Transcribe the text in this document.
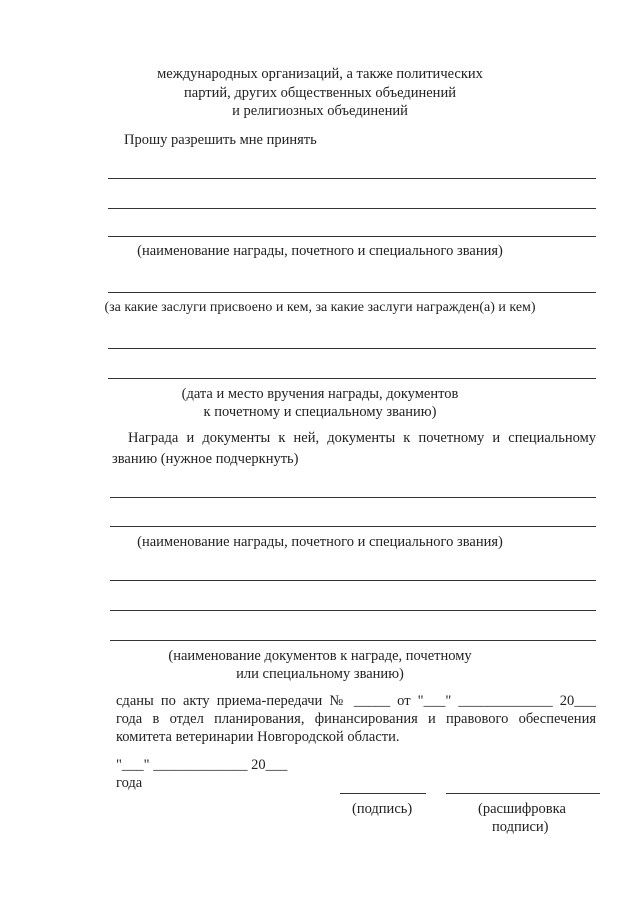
международных организаций, а также политических
партий, других общественных объединений
и религиозных объединений
Прошу разрешить мне принять
(наименование награды, почетного и специального звания)
(за какие заслуги присвоено и кем, за какие заслуги награжден(а) и кем)
(дата и место вручения награды, документов
к почетному и специальному званию)
Награда и документы к ней, документы к почетному и специальному
званию (нужное подчеркнуть)
(наименование награды, почетного и специального звания)
(наименование документов к награде, почетному
или специальному званию)
сданы по акту приема-передачи № _____ от "___" _____________ 20___
года в отдел планирования, финансирования и правового обеспечения
комитета ветеринарии Новгородской области.
"___" _____________ 20___
года
(подпись)	(расшифровка
подписи)
